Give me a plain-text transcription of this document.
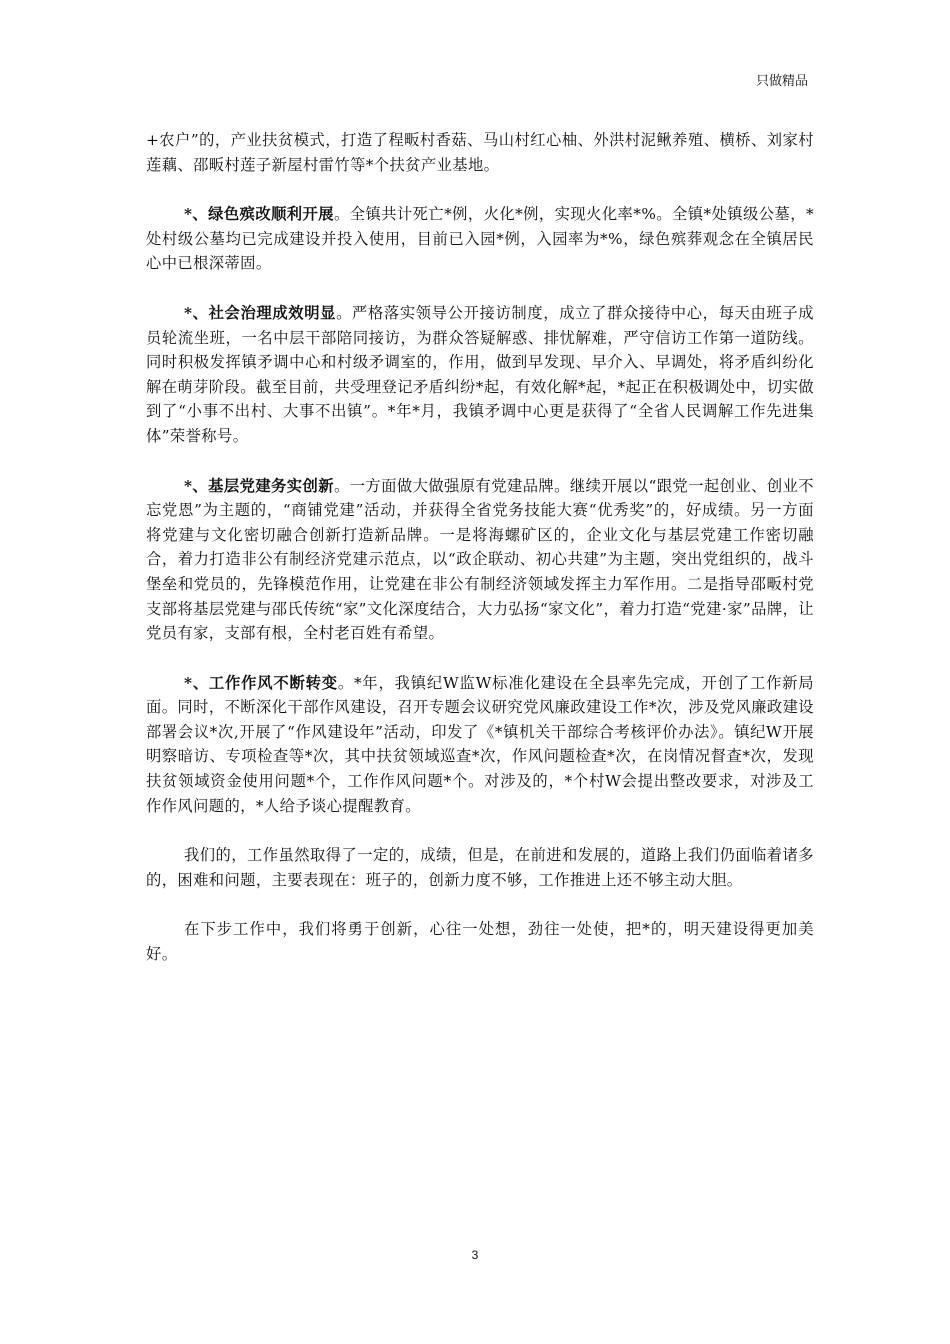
只做精品

+农户”的，产业扶贫模式，打造了程畈村香菇、马山村红心柚、外洪村泥鳅养殖、横桥、刘家村莲藕、邵畈村莲子新屋村雷竹等*个扶贫产业基地。

*、绿色殡改顺利开展。全镇共计死亡*例，火化*例，实现火化率*%。全镇*处镇级公墓，*处村级公墓均已完成建设并投入使用，目前已入园*例，入园率为*%，绿色殡葬观念在全镇居民心中已根深蒂固。

*、社会治理成效明显。严格落实领导公开接访制度，成立了群众接待中心，每天由班子成员轮流坐班，一名中层干部陪同接访，为群众答疑解惑、排忧解难，严守信访工作第一道防线。同时积极发挥镇矛调中心和村级矛调室的，作用，做到早发现、早介入、早调处，将矛盾纠纷化解在萌芽阶段。截至目前，共受理登记矛盾纠纷*起，有效化解*起，*起正在积极调处中，切实做到了“小事不出村、大事不出镇”。*年*月，我镇矛调中心更是获得了“全省人民调解工作先进集体”荣誉称号。

*、基层党建务实创新。一方面做大做强原有党建品牌。继续开展以“跟党一起创业、创业不忘党恩”为主题的，“商铺党建”活动，并获得全省党务技能大赛“优秀奖”的，好成绩。另一方面将党建与文化密切融合创新打造新品牌。一是将海螺矿区的，企业文化与基层党建工作密切融合，着力打造非公有制经济党建示范点，以“政企联动、初心共建”为主题，突出党组织的，战斗堡垒和党员的，先锋模范作用，让党建在非公有制经济领域发挥主力军作用。二是指导邵畈村党支部将基层党建与邵氏传统“家”文化深度结合，大力弘扬“家文化”，着力打造“党建·家”品牌，让党员有家，支部有根，全村老百姓有希望。

*、工作作风不断转变。*年，我镇纪W监W标准化建设在全县率先完成，开创了工作新局面。同时，不断深化干部作风建设，召开专题会议研究党风廉政建设工作*次，涉及党风廉政建设部署会议*次,开展了“作风建设年”活动，印发了《*镇机关干部综合考核评价办法》。镇纪W开展明察暗访、专项检查等*次，其中扶贫领域巡查*次，作风问题检查*次，在岗情况督查*次，发现扶贫领域资金使用问题*个，工作作风问题*个。对涉及的，*个村W会提出整改要求，对涉及工作作风问题的，*人给予谈心提醒教育。

我们的，工作虽然取得了一定的，成绩，但是，在前进和发展的，道路上我们仍面临着诸多的，困难和问题，主要表现在：班子的，创新力度不够，工作推进上还不够主动大胆。

在下步工作中，我们将勇于创新，心往一处想，劲往一处使，把*的，明天建设得更加美好。

3
